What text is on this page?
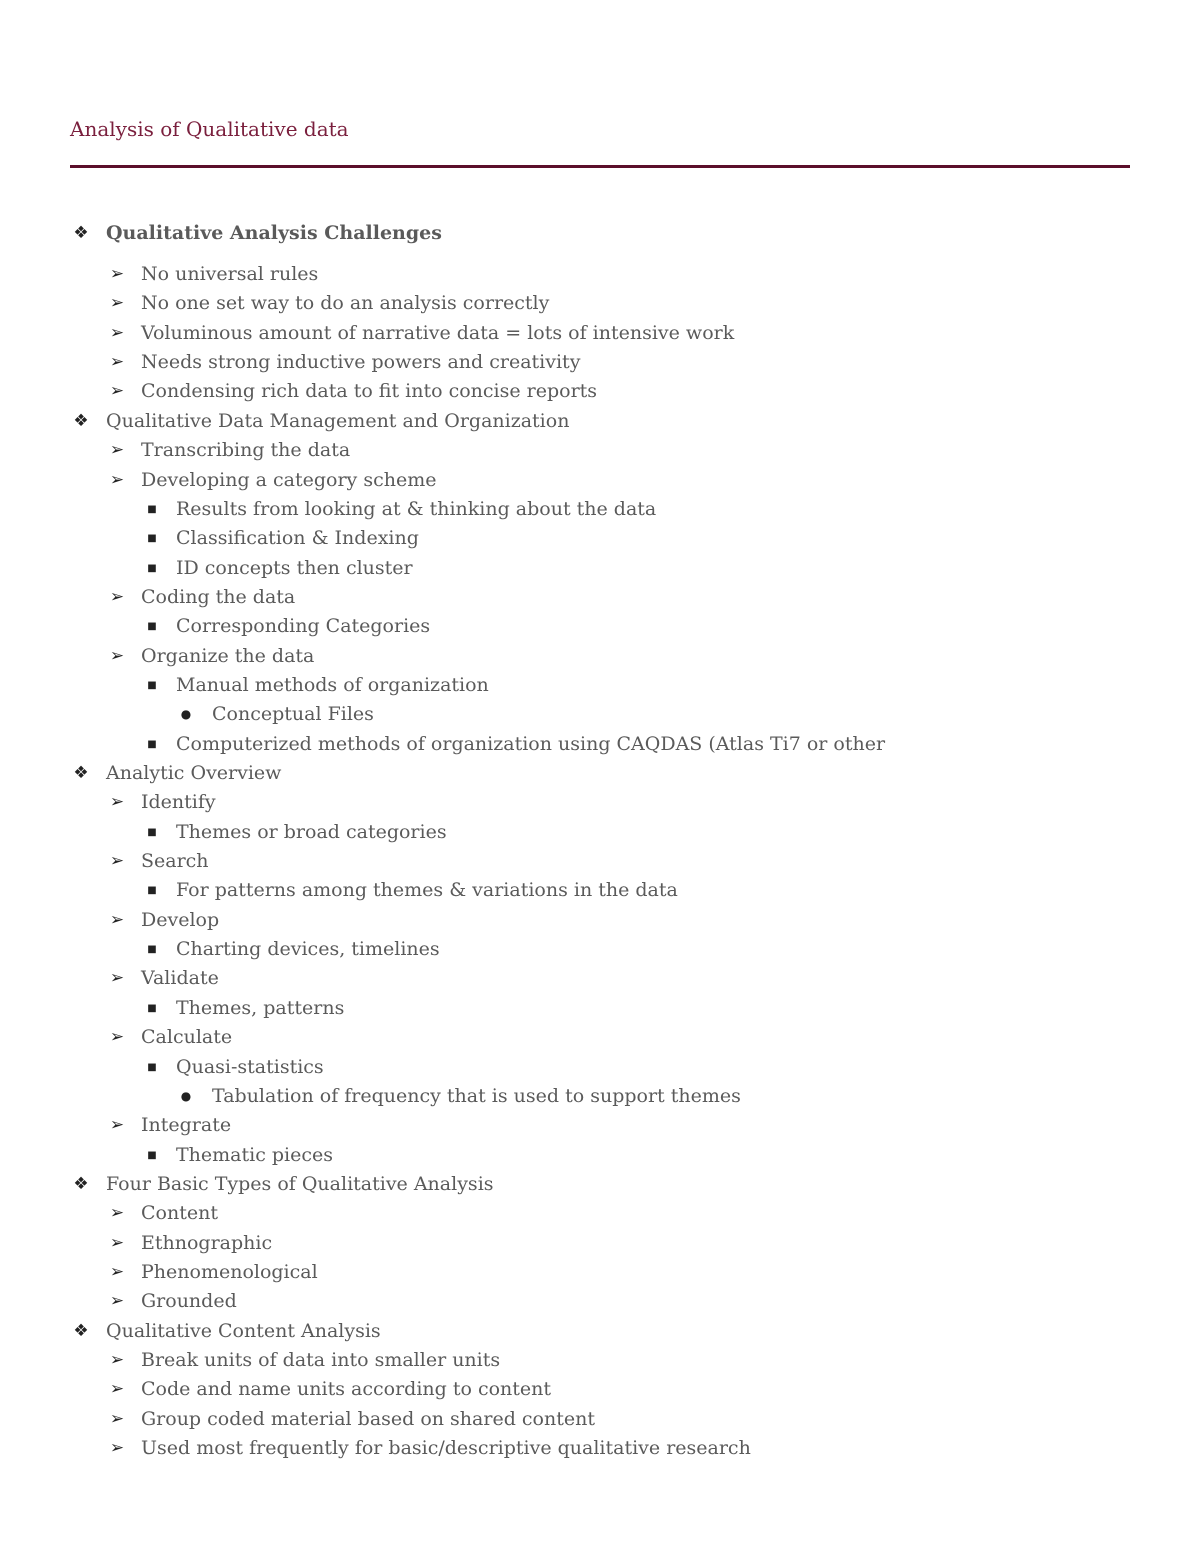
Analysis of Qualitative data
❖ Qualitative Analysis Challenges
➢ No universal rules
➢ No one set way to do an analysis correctly
➢ Voluminous amount of narrative data = lots of intensive work
➢ Needs strong inductive powers and creativity
➢ Condensing rich data to fit into concise reports
❖ Qualitative Data Management and Organization
➢ Transcribing the data
➢ Developing a category scheme
■	Results from looking at & thinking about the data
■	Classification & Indexing
■	ID concepts then cluster
➢ Coding the data
■	Corresponding Categories
➢ Organize the data
■	Manual methods of organization
●	Conceptual Files
■	Computerized methods of organization using CAQDAS (Atlas Ti7 or other
❖ Analytic Overview
➢ Identify
■	Themes or broad categories
➢ Search
■	For patterns among themes & variations in the data
➢ Develop
■	Charting devices, timelines
➢ Validate
■	Themes, patterns
➢ Calculate
■	Quasi-statistics
●	Tabulation of frequency that is used to support themes
➢ Integrate
■	Thematic pieces
❖ Four Basic Types of Qualitative Analysis
➢ Content
➢ Ethnographic
➢ Phenomenological
➢ Grounded
❖ Qualitative Content Analysis
➢ Break units of data into smaller units
➢ Code and name units according to content
➢ Group coded material based on shared content
➢ Used most frequently for basic/descriptive qualitative research
